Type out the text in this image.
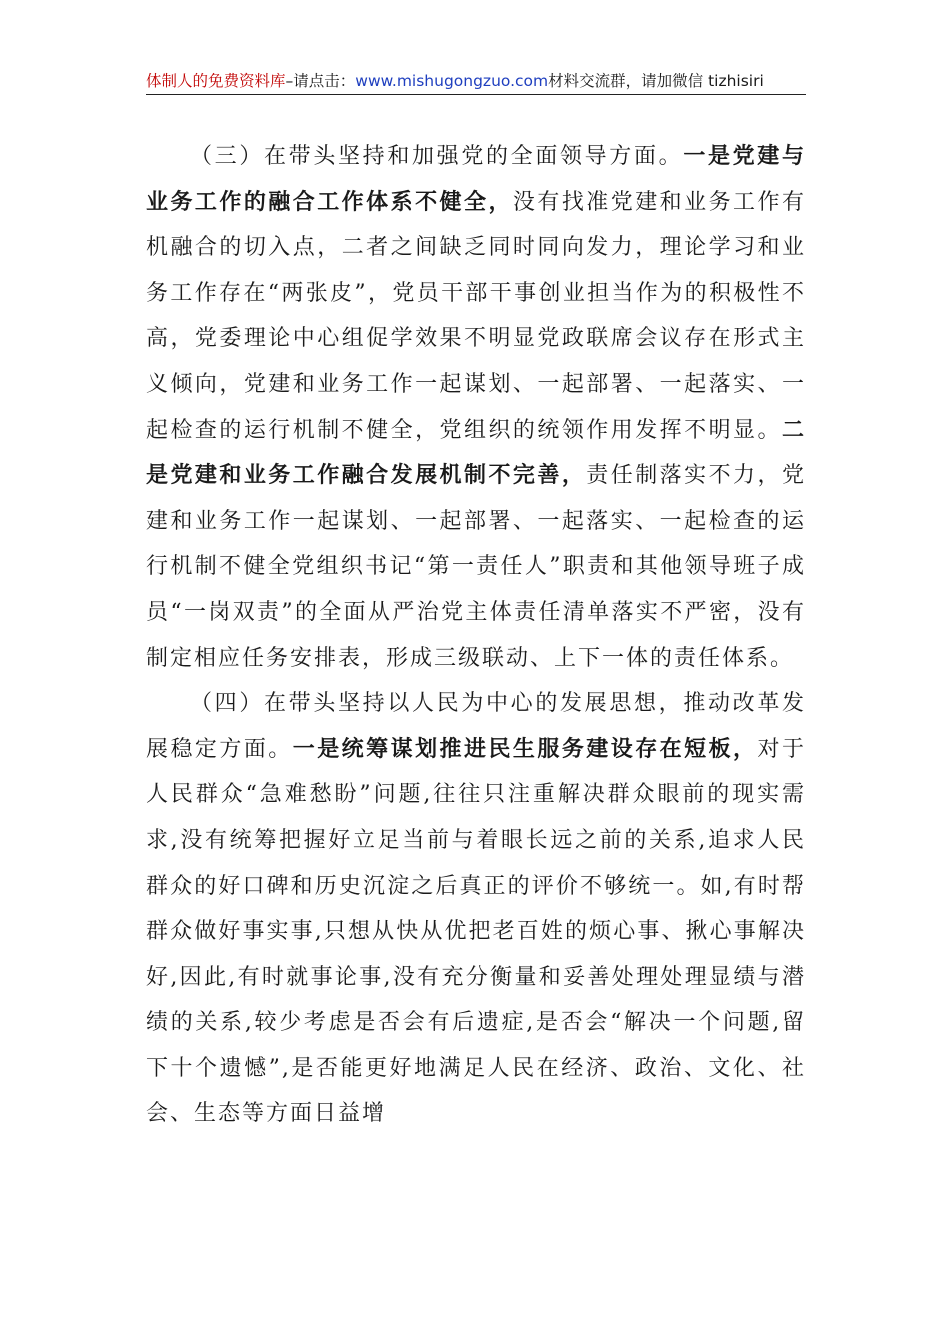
体制人的免费资料库–请点击：www.mishugongzuo.com材料交流群，请加微信 tizhisiri

（三）在带头坚持和加强党的全面领导方面。一是党建与业务工作的融合工作体系不健全，没有找准党建和业务工作有机融合的切入点，二者之间缺乏同时同向发力，理论学习和业务工作存在“两张皮”，党员干部干事创业担当作为的积极性不高，党委理论中心组促学效果不明显党政联席会议存在形式主义倾向，党建和业务工作一起谋划、一起部署、一起落实、一起检查的运行机制不健全，党组织的统领作用发挥不明显。二是党建和业务工作融合发展机制不完善，责任制落实不力，党建和业务工作一起谋划、一起部署、一起落实、一起检查的运行机制不健全党组织书记“第一责任人”职责和其他领导班子成员“一岗双责”的全面从严治党主体责任清单落实不严密，没有制定相应任务安排表，形成三级联动、上下一体的责任体系。

（四）在带头坚持以人民为中心的发展思想，推动改革发展稳定方面。一是统筹谋划推进民生服务建设存在短板，对于人民群众“急难愁盼”问题,往往只注重解决群众眼前的现实需求,没有统筹把握好立足当前与着眼长远之前的关系,追求人民群众的好口碑和历史沉淀之后真正的评价不够统一。如,有时帮群众做好事实事,只想从快从优把老百姓的烦心事、揪心事解决好,因此,有时就事论事,没有充分衡量和妥善处理处理显绩与潜绩的关系,较少考虑是否会有后遗症,是否会“解决一个问题,留下十个遗憾”,是否能更好地满足人民在经济、政治、文化、社会、生态等方面日益增
